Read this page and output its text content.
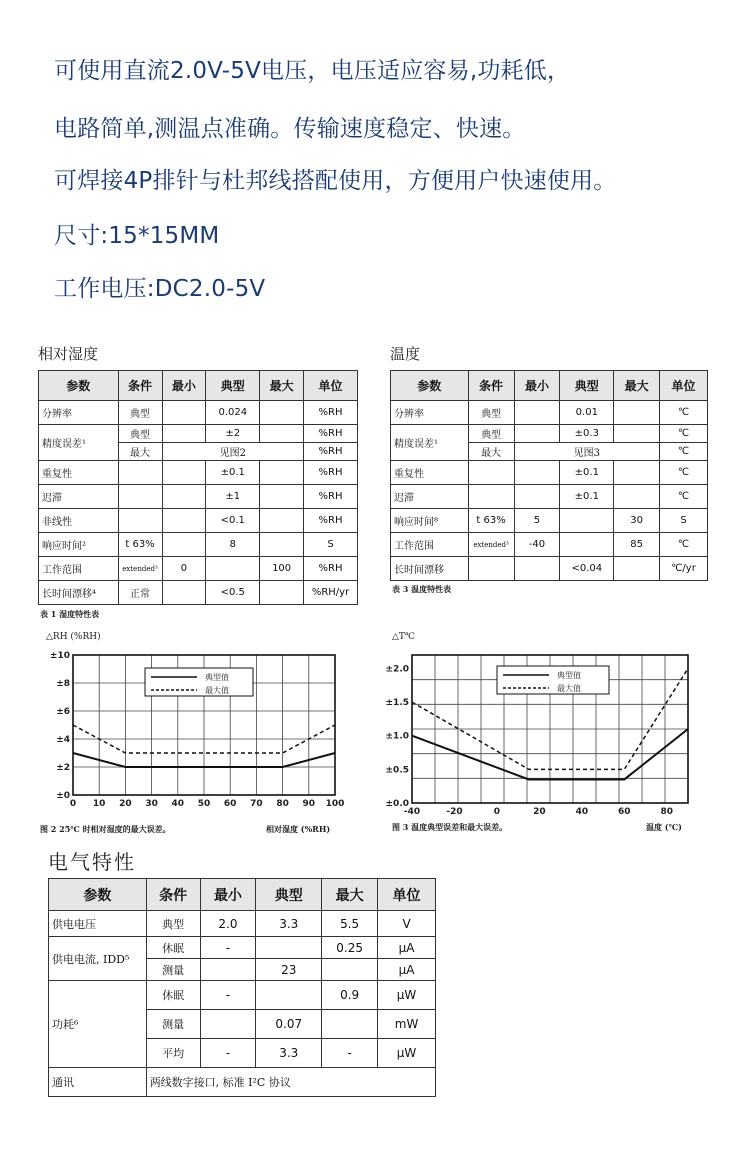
可使用直流2.0V-5V电压，电压适应容易,功耗低，
电路简单,测温点准确。传输速度稳定、快速。
可焊接4P排针与杜邦线搭配使用，方便用户快速使用。
尺寸:15*15MM
工作电压:DC2.0-5V
相对湿度
参数	条件	最小	典型	最大	单位
分辨率	典型		0.024		%RH
精度误差¹	典型		±2		%RH
	最大	见图2			%RH
重复性			±0.1		%RH
迟滞			±1		%RH
非线性			<0.1		%RH
响应时间²	t 63%		8		S
工作范围	extended³	0		100	%RH
长时间漂移⁴	正常		<0.5		%RH/yr
表 1 湿度特性表
温度
参数	条件	最小	典型	最大	单位
分辨率	典型		0.01		℃
精度误差¹	典型		±0.3		℃
	最大	见图3			℃
重复性			±0.1		℃
迟滞			±0.1		℃
响应时间⁸	t 63%	5		30	S
工作范围	extended³	-40		85	℃
长时间漂移			<0.04		℃/yr
表 3 温度特性表
△RH (%RH)
0 10 20 30 40 50 60 70 80 90 100
±0
±2
±4
±6
±8
±10
典型值
最大值
图 2 25℃ 时相对湿度的最大误差。	相对湿度 (%RH)
△T℃
-40	-20	0	20	40	60	80
±0.0
±0.5
±1.0
±1.5
±2.0
典型值
最大值
图 3 温度典型误差和最大误差。	温度 (℃)
电气特性
参数	条件	最小	典型	最大	单位
供电电压	典型	2.0	3.3	5.5	V
供电电流, IDD⁵	休眠	-		0.25	μA
	测量		23		μA
功耗⁶	休眠	-		0.9	μW
	测量		0.07		mW
	平均	-	3.3	-	μW
通讯	两线数字接口, 标准 I²C 协议				
